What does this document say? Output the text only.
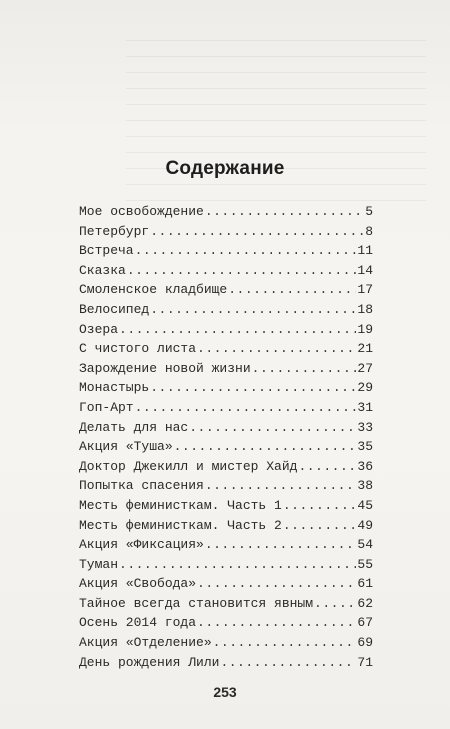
Содержание
Мое освобождение .....	5
Петербург .....	8
Встреча .....	11
Сказка .....	14
Смоленское кладбище .....	17
Велосипед .....	18
Озера .....	19
С чистого листа .....	21
Зарождение новой жизни .....	27
Монастырь .....	29
Гоп-Арт .....	31
Делать для нас .....	33
Акция «Туша» .....	35
Доктор Джекилл и мистер Хайд .....	36
Попытка спасения .....	38
Месть феминисткам. Часть 1 .....	45
Месть феминисткам. Часть 2 .....	49
Акция «Фиксация» .....	54
Туман .....	55
Акция «Свобода» .....	61
Тайное всегда становится явным .....	62
Осень 2014 года .....	67
Акция «Отделение» .....	69
День рождения Лили .....	71
253
